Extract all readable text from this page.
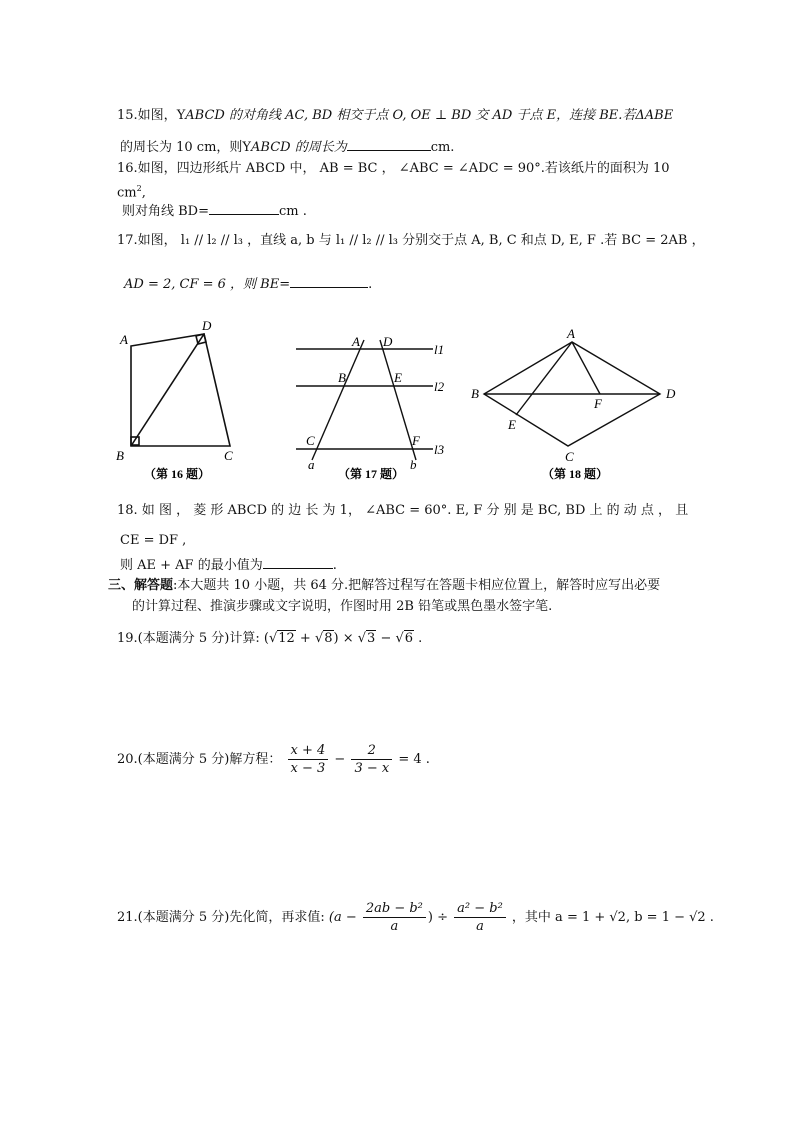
15.如图，YABCD 的对角线 AC, BD 相交于点 O, OE ⊥ BD 交 AD 于点 E，连接 BE.若ΔABE
的周长为 10 cm，则YABCD 的周长为	cm.
16.如图，四边形纸片 ABCD 中， AB = BC ， ∠ABC = ∠ADC = 90°.若该纸片的面积为 10
$cm^2$,
则对角线 BD=	cm .
17.如图， l₁ // l₂ // l₃ ，直线 a, b 与 l₁ // l₂ // l₃ 分别交于点 A, B, C 和点 D, E, F .若 BC = 2AB ，
AD = 2, CF = 6 ，则 BE=	.
A
B	C
D
（第 16 题）
A
B
C
D
E
F
a	b
l1
l2
l3
（第 17 题）
A
B
C
D
E
F
（第 18 题）
18. 如 图 ， 菱 形 ABCD 的 边 长 为 1， ∠ABC = 60°. E, F 分 别 是 BC, BD 上 的 动 点 ， 且
CE = DF ,
则 AE + AF 的最小值为	.
三、解答题:本大题共 10 小题，共 64 分.把解答过程写在答题卡相应位置上，解答时应写出必要
的计算过程、推演步骤或文字说明，作图时用 2B 铅笔或黑色墨水签字笔.
19.(本题满分 5 分)计算: (√12 + √8) × √3 − √6 .
20.(本题满分 5 分)解方程： $\frac{x + 4}{x - 3} - \frac{2}{3 - x} = 4$ .
21.(本题满分 5 分)先化简，再求值: ($a - \frac{\text{2ab − b²}}{a}$ ) ÷ $\frac{\text{a² − b²}}{a}$ ，其中 a = 1 + √2, b = 1 − √2 .
